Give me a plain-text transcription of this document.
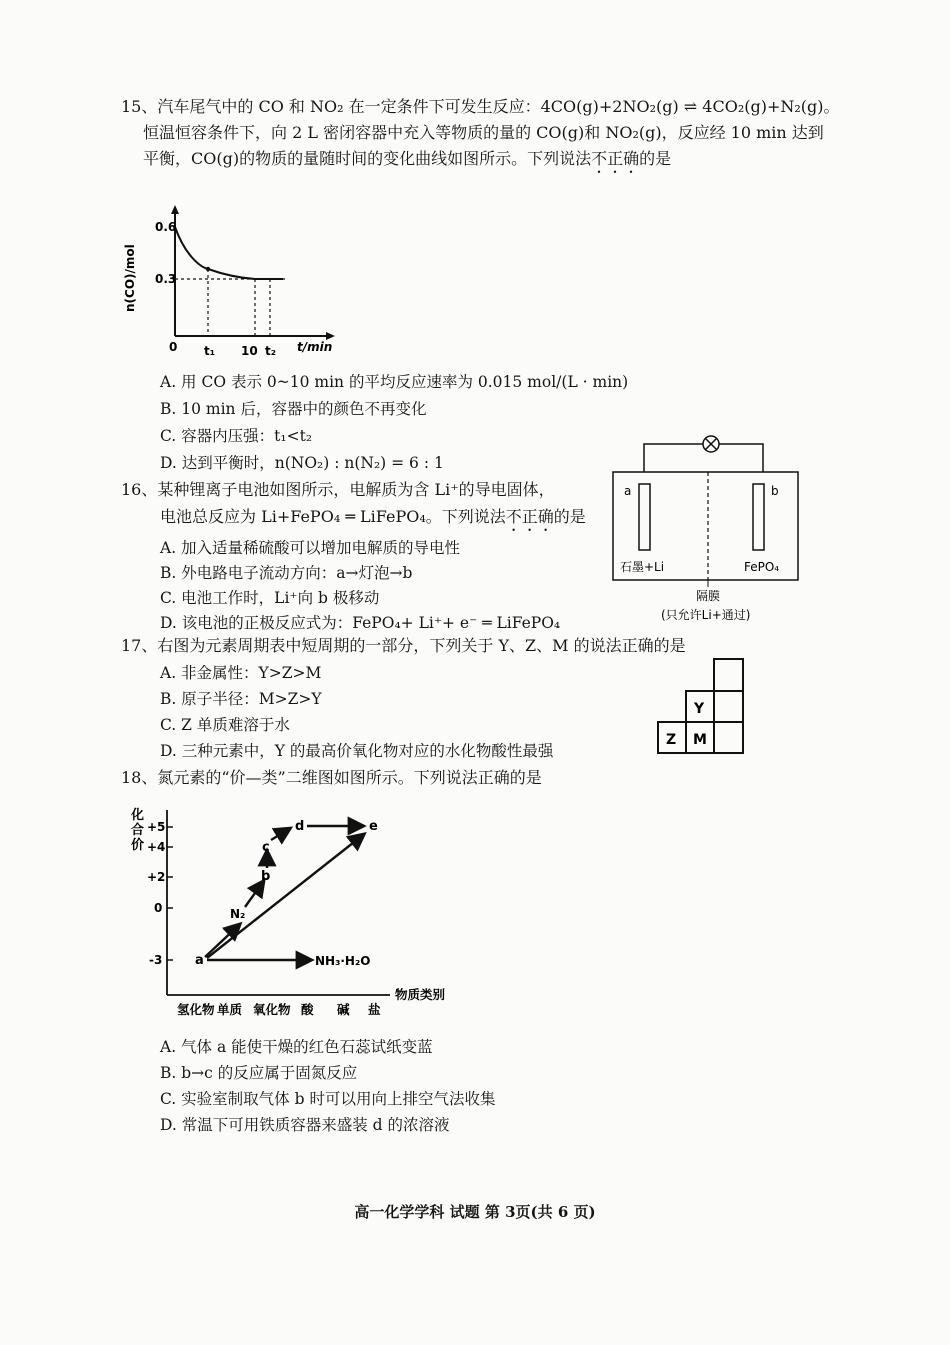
15、汽车尾气中的 CO 和 NO₂ 在一定条件下可发生反应：4CO(g)+2NO₂(g) ⇌ 4CO₂(g)+N₂(g)。
恒温恒容条件下，向 2 L 密闭容器中充入等物质的量的 CO(g)和 NO₂(g)，反应经 10 min 达到
平衡，CO(g)的物质的量随时间的变化曲线如图所示。下列说法不正确的是
n(CO)/mol
0.6
0.3
0 t₁ 10 t₂ t/min
A. 用 CO 表示 0~10 min 的平均反应速率为 0.015 mol/(L · min)
B. 10 min 后，容器中的颜色不再变化
C. 容器内压强：t₁<t₂
D. 达到平衡时，n(NO₂) : n(N₂) = 6 : 1
16、某种锂离子电池如图所示，电解质为含 Li⁺的导电固体，
电池总反应为 Li+FePO₄ ═ LiFePO₄。下列说法不正确的是
A. 加入适量稀硫酸可以增加电解质的导电性
B. 外电路电子流动方向：a→灯泡→b
C. 电池工作时，Li⁺向 b 极移动
D. 该电池的正极反应式为：FePO₄+ Li⁺+ e⁻ ═ LiFePO₄
a	b
石墨+Li	FePO₄
隔膜
(只允许Li+通过)
17、右图为元素周期表中短周期的一部分，下列关于 Y、Z、M 的说法正确的是
A. 非金属性：Y>Z>M
B. 原子半径：M>Z>Y
C. Z 单质难溶于水
D. 三种元素中，Y 的最高价氧化物对应的水化物酸性最强
Y
Z M
18、氮元素的“价—类”二维图如图所示。下列说法正确的是
化
合
价
+5
+4
+2
0
-3	a
N₂
b
c
d	e
NH₃·H₂O
氢化物 单质 氧化物 酸 碱 盐
物质类别
A. 气体 a 能使干燥的红色石蕊试纸变蓝
B. b→c 的反应属于固氮反应
C. 实验室制取气体 b 时可以用向上排空气法收集
D. 常温下可用铁质容器来盛装 d 的浓溶液
高一化学学科 试题 第 3页(共 6 页)
